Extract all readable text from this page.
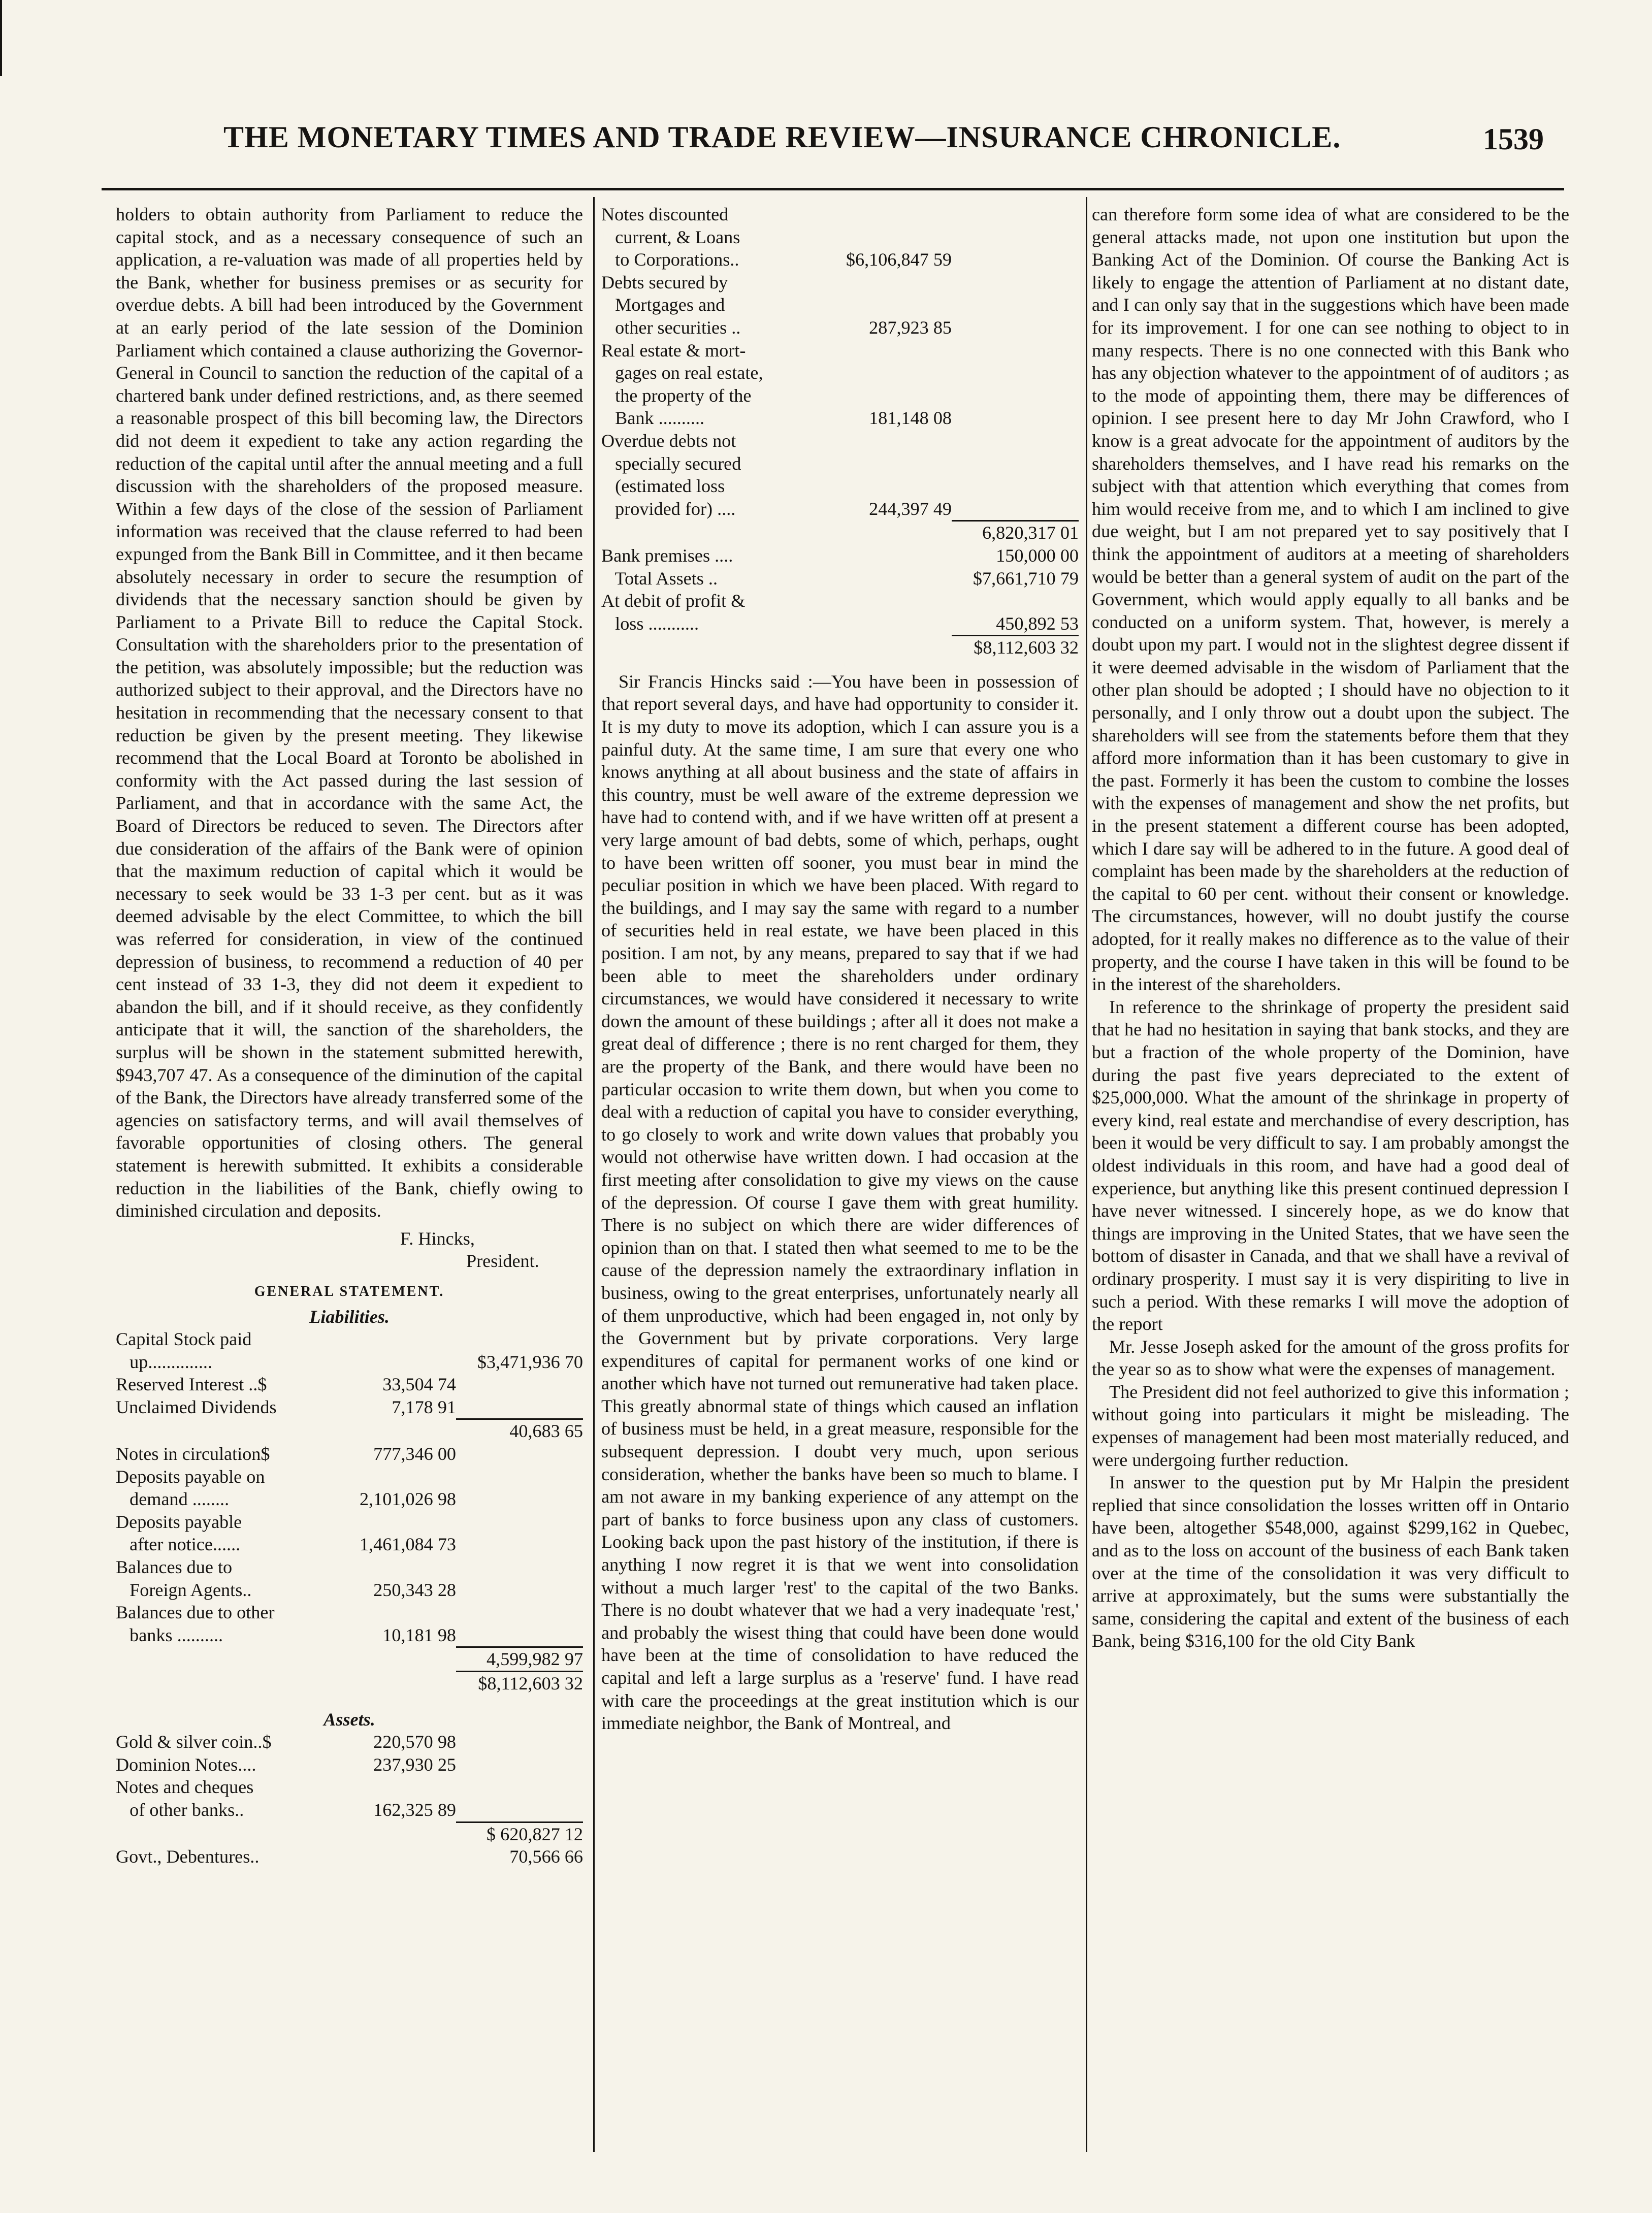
THE MONETARY TIMES AND TRADE REVIEW—INSURANCE CHRONICLE.	1539

holders to obtain authority from Parliament to reduce the capital stock, and as a necessary consequence of such an application, a re-valuation was made of all properties held by the Bank, whether for business premises or as security for overdue debts. A bill had been introduced by the Government at an early period of the late session of the Dominion Parliament which contained a clause authorizing the Governor-General in Council to sanction the reduction of the capital of a chartered bank under defined restrictions, and, as there seemed a reasonable prospect of this bill becoming law, the Directors did not deem it expedient to take any action regarding the reduction of the capital until after the annual meeting and a full discussion with the shareholders of the proposed measure. Within a few days of the close of the session of Parliament information was received that the clause referred to had been expunged from the Bank Bill in Committee, and it then became absolutely necessary in order to secure the resumption of dividends that the necessary sanction should be given by Parliament to a Private Bill to reduce the Capital Stock. Consultation with the shareholders prior to the presentation of the petition, was absolutely impossible; but the reduction was authorized subject to their approval, and the Directors have no hesitation in recommending that the necessary consent to that reduction be given by the present meeting. They likewise recommend that the Local Board at Toronto be abolished in conformity with the Act passed during the last session of Parliament, and that in accordance with the same Act, the Board of Directors be reduced to seven. The Directors after due consideration of the affairs of the Bank were of opinion that the maximum reduction of capital which it would be necessary to seek would be 33 1-3 per cent. but as it was deemed advisable by the elect Committee, to which the bill was referred for consideration, in view of the continued depression of business, to recommend a reduction of 40 per cent instead of 33 1-3, they did not deem it expedient to abandon the bill, and if it should receive, as they confidently anticipate that it will, the sanction of the shareholders, the surplus will be shown in the statement submitted herewith, $943,707 47. As a consequence of the diminution of the capital of the Bank, the Directors have already transferred some of the agencies on satisfactory terms, and will avail themselves of favorable opportunities of closing others. The general statement is herewith submitted. It exhibits a considerable reduction in the liabilities of the Bank, chiefly owing to diminished circulation and deposits.

F. Hincks,
President.
GENERAL STATEMENT.
Liabilities.
Capital Stock paid
up..............	$3,471,936 70
Reserved Interest ..$	33,504 74
Unclaimed Dividends	7,178 91
40,683 65
Notes in circulation$	777,346 00
Deposits payable on
demand ........	2,101,026 98
Deposits payable
after notice......	1,461,084 73
Balances due to
Foreign Agents..	250,343 28
Balances due to other
banks ..........	10,181 98
4,599,982 97
$8,112,603 32
Assets.
Gold & silver coin..$	220,570 98
Dominion Notes....	237,930 25
Notes and cheques
of other banks..	162,325 89
$ 620,827 12
Govt., Debentures..	70,566 66
Notes discounted
current, & Loans
to Corporations..	$6,106,847 59
Debts secured by
Mortgages and
other securities ..	287,923 85
Real estate & mort-
gages on real estate,
the property of the
Bank ..........	181,148 08
Overdue debts not
specially secured
(estimated loss
provided for) ....	244,397 49
6,820,317 01
Bank premises ....	150,000 00
Total Assets ..	$7,661,710 79
At debit of profit &
loss ...........	450,892 53
$8,112,603 32

Sir Francis Hincks said :—You have been in possession of that report several days, and have had opportunity to consider it. It is my duty to move its adoption, which I can assure you is a painful duty. At the same time, I am sure that every one who knows anything at all about business and the state of affairs in this country, must be well aware of the extreme depression we have had to contend with, and if we have written off at present a very large amount of bad debts, some of which, perhaps, ought to have been written off sooner, you must bear in mind the peculiar position in which we have been placed. With regard to the buildings, and I may say the same with regard to a number of securities held in real estate, we have been placed in this position. I am not, by any means, prepared to say that if we had been able to meet the shareholders under ordinary circumstances, we would have considered it necessary to write down the amount of these buildings ; after all it does not make a great deal of difference ; there is no rent charged for them, they are the property of the Bank, and there would have been no particular occasion to write them down, but when you come to deal with a reduction of capital you have to consider everything, to go closely to work and write down values that probably you would not otherwise have written down. I had occasion at the first meeting after consolidation to give my views on the cause of the depression. Of course I gave them with great humility. There is no subject on which there are wider differences of opinion than on that. I stated then what seemed to me to be the cause of the depression namely the extraordinary inflation in business, owing to the great enterprises, unfortunately nearly all of them unproductive, which had been engaged in, not only by the Government but by private corporations. Very large expenditures of capital for permanent works of one kind or another which have not turned out remunerative had taken place. This greatly abnormal state of things which caused an inflation of business must be held, in a great measure, responsible for the subsequent depression. I doubt very much, upon serious consideration, whether the banks have been so much to blame. I am not aware in my banking experience of any attempt on the part of banks to force business upon any class of customers. Looking back upon the past history of the institution, if there is anything I now regret it is that we went into consolidation without a much larger 'rest' to the capital of the two Banks. There is no doubt whatever that we had a very inadequate 'rest,' and probably the wisest thing that could have been done would have been at the time of consolidation to have reduced the capital and left a large surplus as a 'reserve' fund. I have read with care the proceedings at the great institution which is our immediate neighbor, the Bank of Montreal, and

can therefore form some idea of what are considered to be the general attacks made, not upon one institution but upon the Banking Act of the Dominion. Of course the Banking Act is likely to engage the attention of Parliament at no distant date, and I can only say that in the suggestions which have been made for its improvement. I for one can see nothing to object to in many respects. There is no one connected with this Bank who has any objection whatever to the appointment of of auditors ; as to the mode of appointing them, there may be differences of opinion. I see present here to day Mr John Crawford, who I know is a great advocate for the appointment of auditors by the shareholders themselves, and I have read his remarks on the subject with that attention which everything that comes from him would receive from me, and to which I am inclined to give due weight, but I am not prepared yet to say positively that I think the appointment of auditors at a meeting of shareholders would be better than a general system of audit on the part of the Government, which would apply equally to all banks and be conducted on a uniform system. That, however, is merely a doubt upon my part. I would not in the slightest degree dissent if it were deemed advisable in the wisdom of Parliament that the other plan should be adopted ; I should have no objection to it personally, and I only throw out a doubt upon the subject. The shareholders will see from the statements before them that they afford more information than it has been customary to give in the past. Formerly it has been the custom to combine the losses with the expenses of management and show the net profits, but in the present statement a different course has been adopted, which I dare say will be adhered to in the future. A good deal of complaint has been made by the shareholders at the reduction of the capital to 60 per cent. without their consent or knowledge. The circumstances, however, will no doubt justify the course adopted, for it really makes no difference as to the value of their property, and the course I have taken in this will be found to be in the interest of the shareholders.

In reference to the shrinkage of property the president said that he had no hesitation in saying that bank stocks, and they are but a fraction of the whole property of the Dominion, have during the past five years depreciated to the extent of $25,000,000. What the amount of the shrinkage in property of every kind, real estate and merchandise of every description, has been it would be very difficult to say. I am probably amongst the oldest individuals in this room, and have had a good deal of experience, but anything like this present continued depression I have never witnessed. I sincerely hope, as we do know that things are improving in the United States, that we have seen the bottom of disaster in Canada, and that we shall have a revival of ordinary prosperity. I must say it is very dispiriting to live in such a period. With these remarks I will move the adoption of the report

Mr. Jesse Joseph asked for the amount of the gross profits for the year so as to show what were the expenses of management.

The President did not feel authorized to give this information ; without going into particulars it might be misleading. The expenses of management had been most materially reduced, and were undergoing further reduction.

In answer to the question put by Mr Halpin the president replied that since consolidation the losses written off in Ontario have been, altogether $548,000, against $299,162 in Quebec, and as to the loss on account of the business of each Bank taken over at the time of the consolidation it was very difficult to arrive at approximately, but the sums were substantially the same, considering the capital and extent of the business of each Bank, being $316,100 for the old City Bank
